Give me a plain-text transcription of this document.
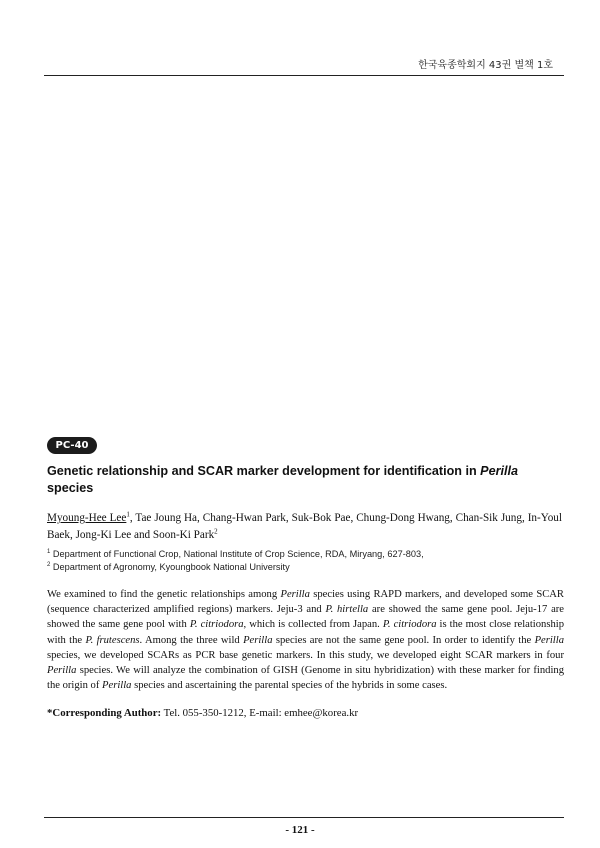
한국육종학회지 43권 별책 1호
PC-40
Genetic relationship and SCAR marker development for identification in Perilla species
Myoung-Hee Lee$^1$, Tae Joung Ha, Chang-Hwan Park, Suk-Bok Pae, Chung-Dong Hwang, Chan-Sik Jung, In-Youl Baek, Jong-Ki Lee and Soon-Ki Park$^2$
$^1$ Department of Functional Crop, National Institute of Crop Science, RDA, Miryang, 627-803,
$^2$ Department of Agronomy, Kyoungbook National University

We examined to find the genetic relationships among Perilla species using RAPD markers, and developed some SCAR (sequence characterized amplified regions) markers. Jeju-3 and P. hirtella are showed the same gene pool. Jeju-17 are showed the same gene pool with P. citriodora, which is collected from Japan. P. citriodora is the most close relationship with the P. frutescens. Among the three wild Perilla species are not the same gene pool. In order to identify the Perilla species, we developed SCARs as PCR base genetic markers. In this study, we developed eight SCAR markers in four Perilla species. We will analyze the combination of GISH (Genome in situ hybridization) with these marker for finding the origin of Perilla species and ascertaining the parental species of the hybrids in some cases.

*Corresponding Author: Tel. 055-350-1212, E-mail: emhee@korea.kr
- 121 -
